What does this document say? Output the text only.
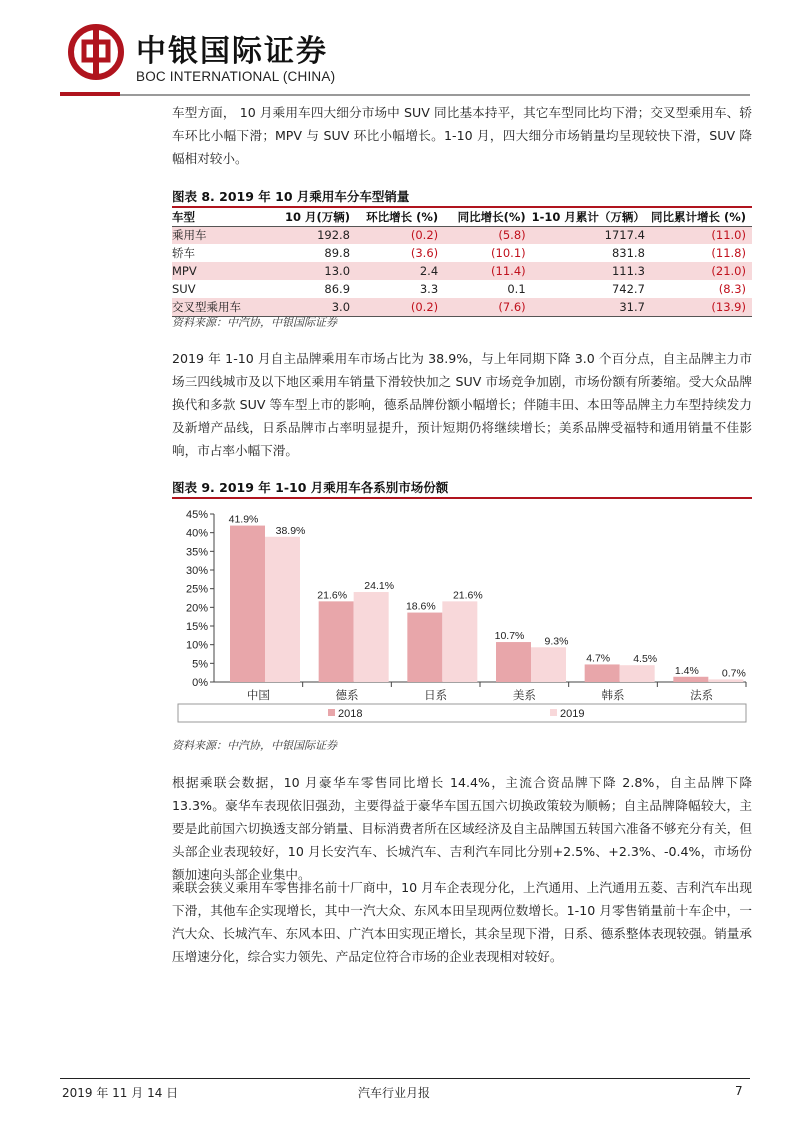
中银国际证券
BOC INTERNATIONAL (CHINA)
车型方面， 10 月乘用车四大细分市场中 SUV 同比基本持平，其它车型同比均下滑；交叉型乘用车、轿车环比小幅下滑；MPV 与 SUV 环比小幅增长。1-10 月，四大细分市场销量均呈现较快下滑，SUV 降幅相对较小。
图表 8. 2019 年 10 月乘用车分车型销量
车型	10 月(万辆)	环比增长 (%)	同比增长(%)	1-10 月累计（万辆）	同比累计增长 (%)
乘用车	192.8	(0.2)	(5.8)	1717.4	(11.0)
轿车	89.8	(3.6)	(10.1)	831.8	(11.8)
MPV	13.0	2.4	(11.4)	111.3	(21.0)
SUV	86.9	3.3	0.1	742.7	(8.3)
交叉型乘用车	3.0	(0.2)	(7.6)	31.7	(13.9)
资料来源：中汽协，中银国际证券
2019 年 1-10 月自主品牌乘用车市场占比为 38.9%，与上年同期下降 3.0 个百分点，自主品牌主力市场三四线城市及以下地区乘用车销量下滑较快加之 SUV 市场竞争加剧，市场份额有所萎缩。受大众品牌换代和多款 SUV 等车型上市的影响，德系品牌份额小幅增长；伴随丰田、本田等品牌主力车型持续发力及新增产品线，日系品牌市占率明显提升，预计短期仍将继续增长；美系品牌受福特和通用销量不佳影响，市占率小幅下滑。
图表 9. 2019 年 1-10 月乘用车各系别市场份额
0%
5%
10%
15%
20%
25%
30%
35%
40%
45% 41.9%
38.9%
中国
21.6%
24.1%
德系
18.6%
21.6%
日系
10.7% 9.3%
美系
4.7% 4.5%
韩系
1.4% 0.7%
法系
2018	2019
资料来源：中汽协，中银国际证券
根据乘联会数据，10 月豪华车零售同比增长 14.4%，主流合资品牌下降 2.8%，自主品牌下降 13.3%。豪华车表现依旧强劲，主要得益于豪华车国五国六切换政策较为顺畅；自主品牌降幅较大，主要是此前国六切换透支部分销量、目标消费者所在区域经济及自主品牌国五转国六准备不够充分有关，但头部企业表现较好，10 月长安汽车、长城汽车、吉利汽车同比分别+2.5%、+2.3%、-0.4%，市场份额加速向头部企业集中。
乘联会狭义乘用车零售排名前十厂商中，10 月车企表现分化，上汽通用、上汽通用五菱、吉利汽车出现下滑，其他车企实现增长，其中一汽大众、东风本田呈现两位数增长。1-10 月零售销量前十车企中，一汽大众、长城汽车、东风本田、广汽本田实现正增长，其余呈现下滑，日系、德系整体表现较强。销量承压增速分化，综合实力领先、产品定位符合市场的企业表现相对较好。
2019 年 11 月 14 日	汽车行业月报	7
